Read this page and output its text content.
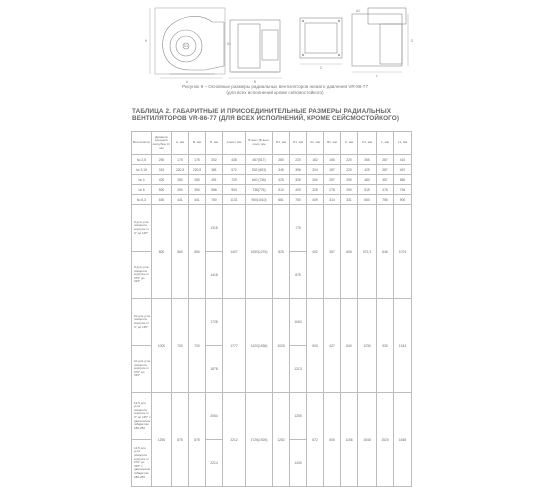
A	B
H
D1	H1
C
G
L
A2
Рисунок 9 – Основные размеры радиальных вентиляторов низкого давления VR-86-77
(для всех исполнений кроме сейсмостойкого)
ТАБЛИЦА 2. ГАБАРИТНЫЕ И ПРИСОЕДИНИТЕЛЬНЫЕ РАЗМЕРЫ РАДИАЛЬНЫХ ВЕНТИЛЯТОРОВ VR-86-77 (ДЛЯ ВСЕХ ИСПОЛНЕНИЙ, КРОМЕ СЕЙСМОСТОЙКОГО)
Вентилятор	Диаметр входного патрубка, D, мм	A, мм	B, мм	H, мм	A вент. мм	B вент (B вент. max), мм	D1, мм	H1, мм	A1, мм	B1, мм	C, мм	C1, мм	L, мм	L1, мм
№ 2,5	250	175	175	302	438	467(517)	280	220	162	165	220	365	287	410
№ 3,15	315	220,5	220,5	381	572	532 (603)	345	396	204	187	220	425	287	467
№ 4	400	280	280	491	729	640 (736)	425	326	260	257	290	480	357	580
№ 5	500	350	350	586	904	738(776)	510	409	325	278	290	515	476	754
№ 6,3	630	441	441	760	1131	900(1010)	661	750	409	314	331	660	756	900
8 для угла поворота корпуса от 0° до 135°	800	560	560	1318	1407	1050(1276)	825	775	402	357	606	972,3	646	1074
8 для угла поворота корпуса от 270° до 315°				1418				875						
10 для угла поворота корпуса от 0° до 135°	1000	700	700	1728	1777	1420(1536)	1025	1063	503	427	840	1230	930	1343
10 для угла поворота корпуса от 270° до 315°				1878				1213						
12,5 для угла поворота корпуса от 0° до 135° с двигателем габаритом 180-250	1250	875	875	2064	2212	1726(1926)	1282	1280	872	505	1156	1548	1520	1648
12,5 для угла поворота корпуса от 270° до 315° с двигателем габаритом 180-250				2214				1430						
